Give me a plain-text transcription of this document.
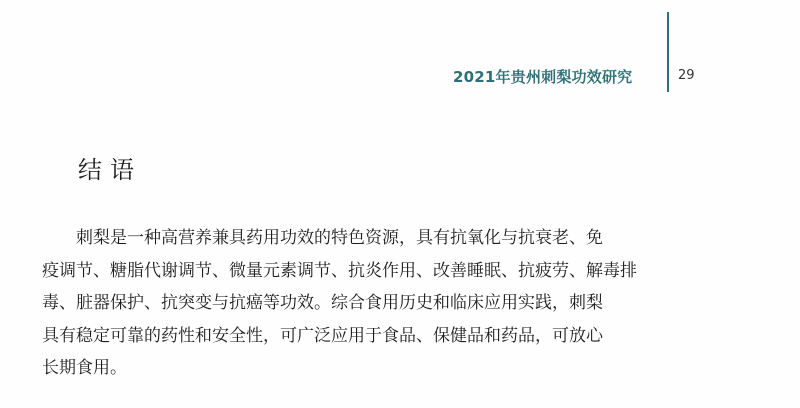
2021年贵州刺梨功效研究	29
结语
　　刺梨是一种高营养兼具药用功效的特色资源，具有抗氧化与抗衰老、免
疫调节、糖脂代谢调节、微量元素调节、抗炎作用、改善睡眠、抗疲劳、解毒排
毒、脏器保护、抗突变与抗癌等功效。综合食用历史和临床应用实践，刺梨
具有稳定可靠的药性和安全性，可广泛应用于食品、保健品和药品，可放心
长期食用。
